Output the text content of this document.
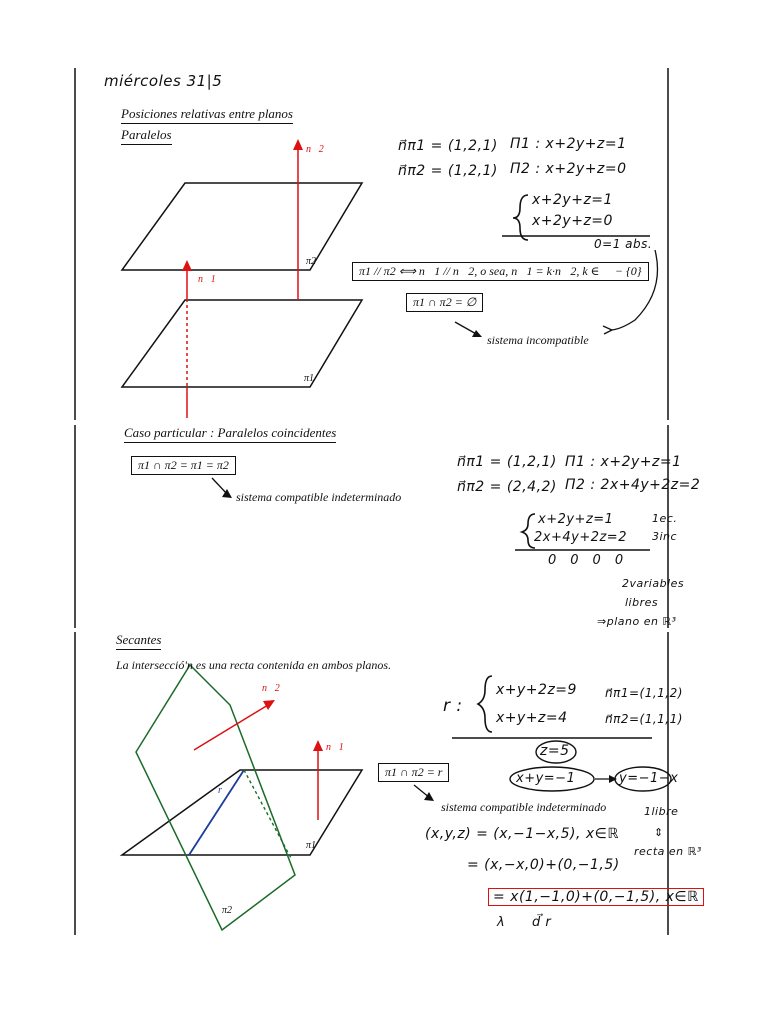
miércoles 31|5
Posiciones relativas entre planos
Paralelos
n⃗2
n⃗1
π2
π1
n⃗π1 = (1,2,1)
n⃗π2 = (1,2,1)
Π1 : x+2y+z=1
Π2 : x+2y+z=0
x+2y+z=1
x+2y+z=0
0=1 abs.
π1 // π2 ⟺ n⃗1 // n⃗2, o sea, n⃗1 = k·n⃗2, k ∈ ℝ − {0}
π1 ∩ π2 = ∅
sistema incompatible
Caso particular : Paralelos coincidentes
π1 ∩ π2 = π1 = π2
sistema compatible indeterminado
n⃗π1 = (1,2,1)
n⃗π2 = (2,4,2)
Π1 : x+2y+z=1
Π2 : 2x+4y+2z=2
x+2y+z=1
2x+4y+2z=2
1ec.
3inc
0000
2variables
libres
⇒plano en ℝ³
Secantes
La intersecció'n es una recta contenida en ambos planos.
n⃗2
n⃗1
r
π1
π2
π1 ∩ π2 = r
sistema compatible indeterminado
r :
x+y+2z=9
x+y+z=4
n⃗π1=(1,1,2)
n⃗π2=(1,1,1)
z=5
x+y=−1	y=−1−x
1libre
⇕
recta en ℝ³
(x,y,z) = (x,−1−x,5), x∈ℝ
= (x,−x,0)+(0,−1,5)
= x(1,−1,0)+(0,−1,5), x∈ℝ
λ d⃗ r
